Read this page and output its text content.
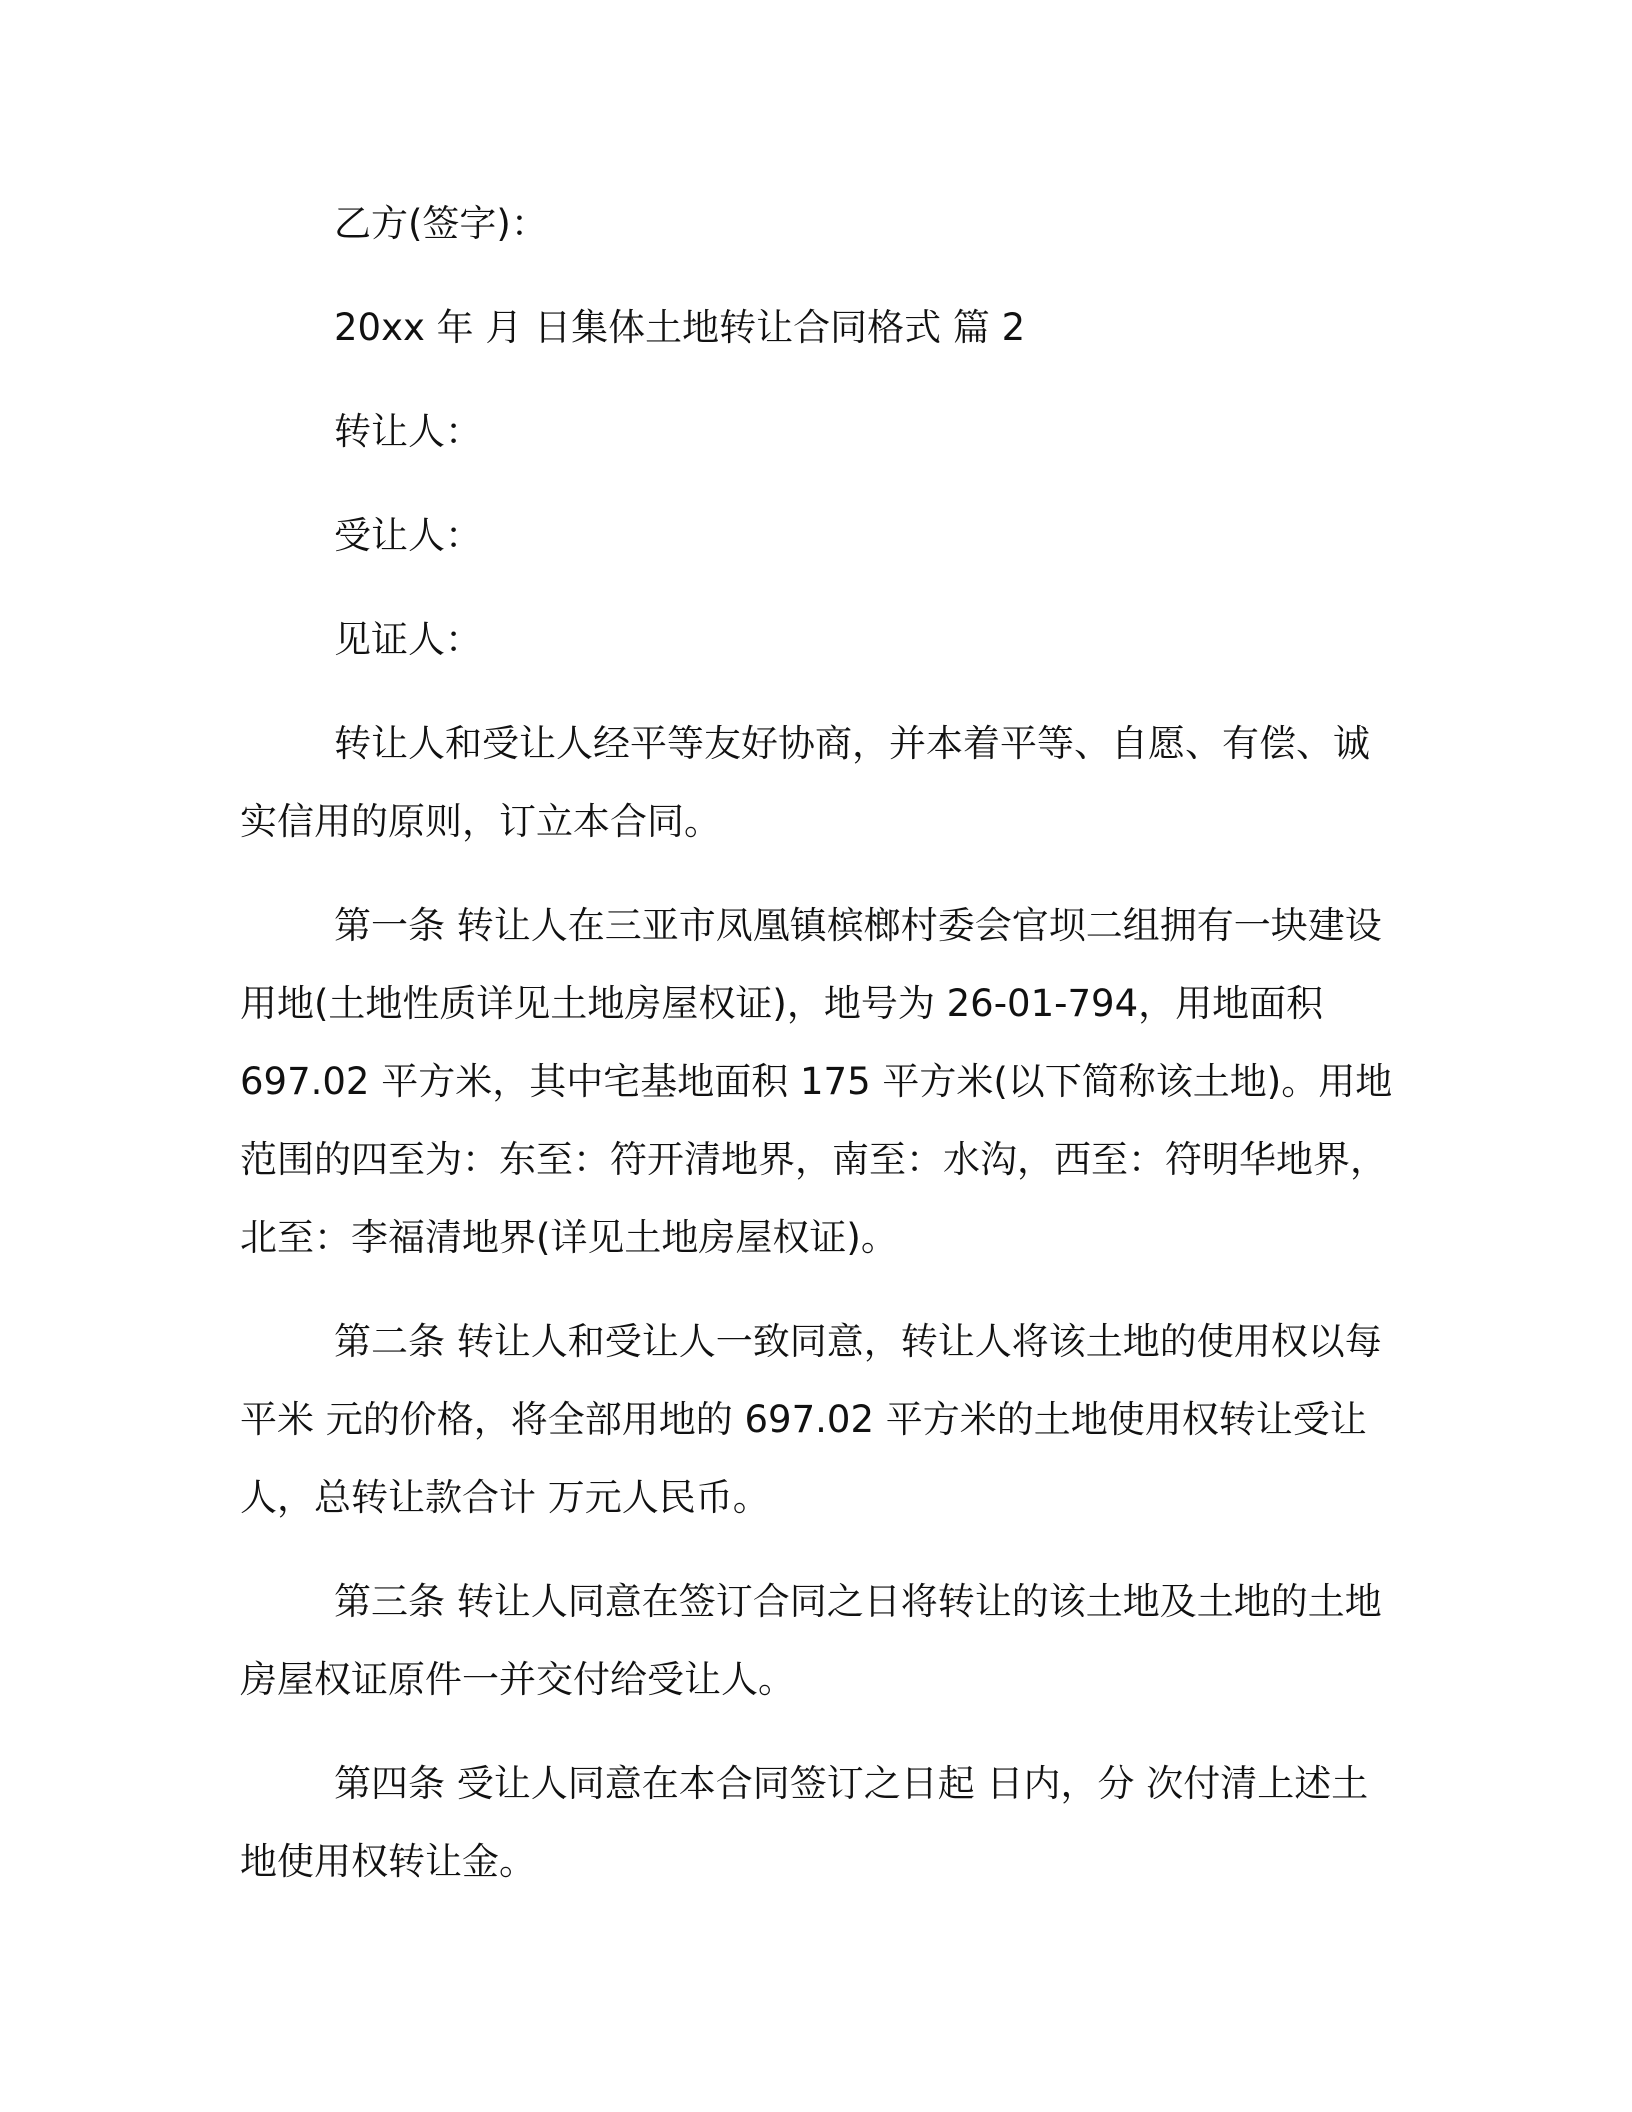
乙方(签字)：

20xx 年 月 日集体土地转让合同格式 篇 2

转让人：

受让人：

见证人：

转让人和受让人经平等友好协商，并本着平等、自愿、有偿、诚
实信用的原则，订立本合同。
第一条 转让人在三亚市凤凰镇槟榔村委会官坝二组拥有一块建设
用地(土地性质详见土地房屋权证)，地号为 26-01-794，用地面积
697.02 平方米，其中宅基地面积 175 平方米(以下简称该土地)。用地
范围的四至为：东至：符开清地界，南至：水沟，西至：符明华地界，
北至：李福清地界(详见土地房屋权证)。
第二条 转让人和受让人一致同意，转让人将该土地的使用权以每
平米 元的价格，将全部用地的 697.02 平方米的土地使用权转让受让
人，总转让款合计 万元人民币。
第三条 转让人同意在签订合同之日将转让的该土地及土地的土地
房屋权证原件一并交付给受让人。
第四条 受让人同意在本合同签订之日起 日内，分 次付清上述土
地使用权转让金。
